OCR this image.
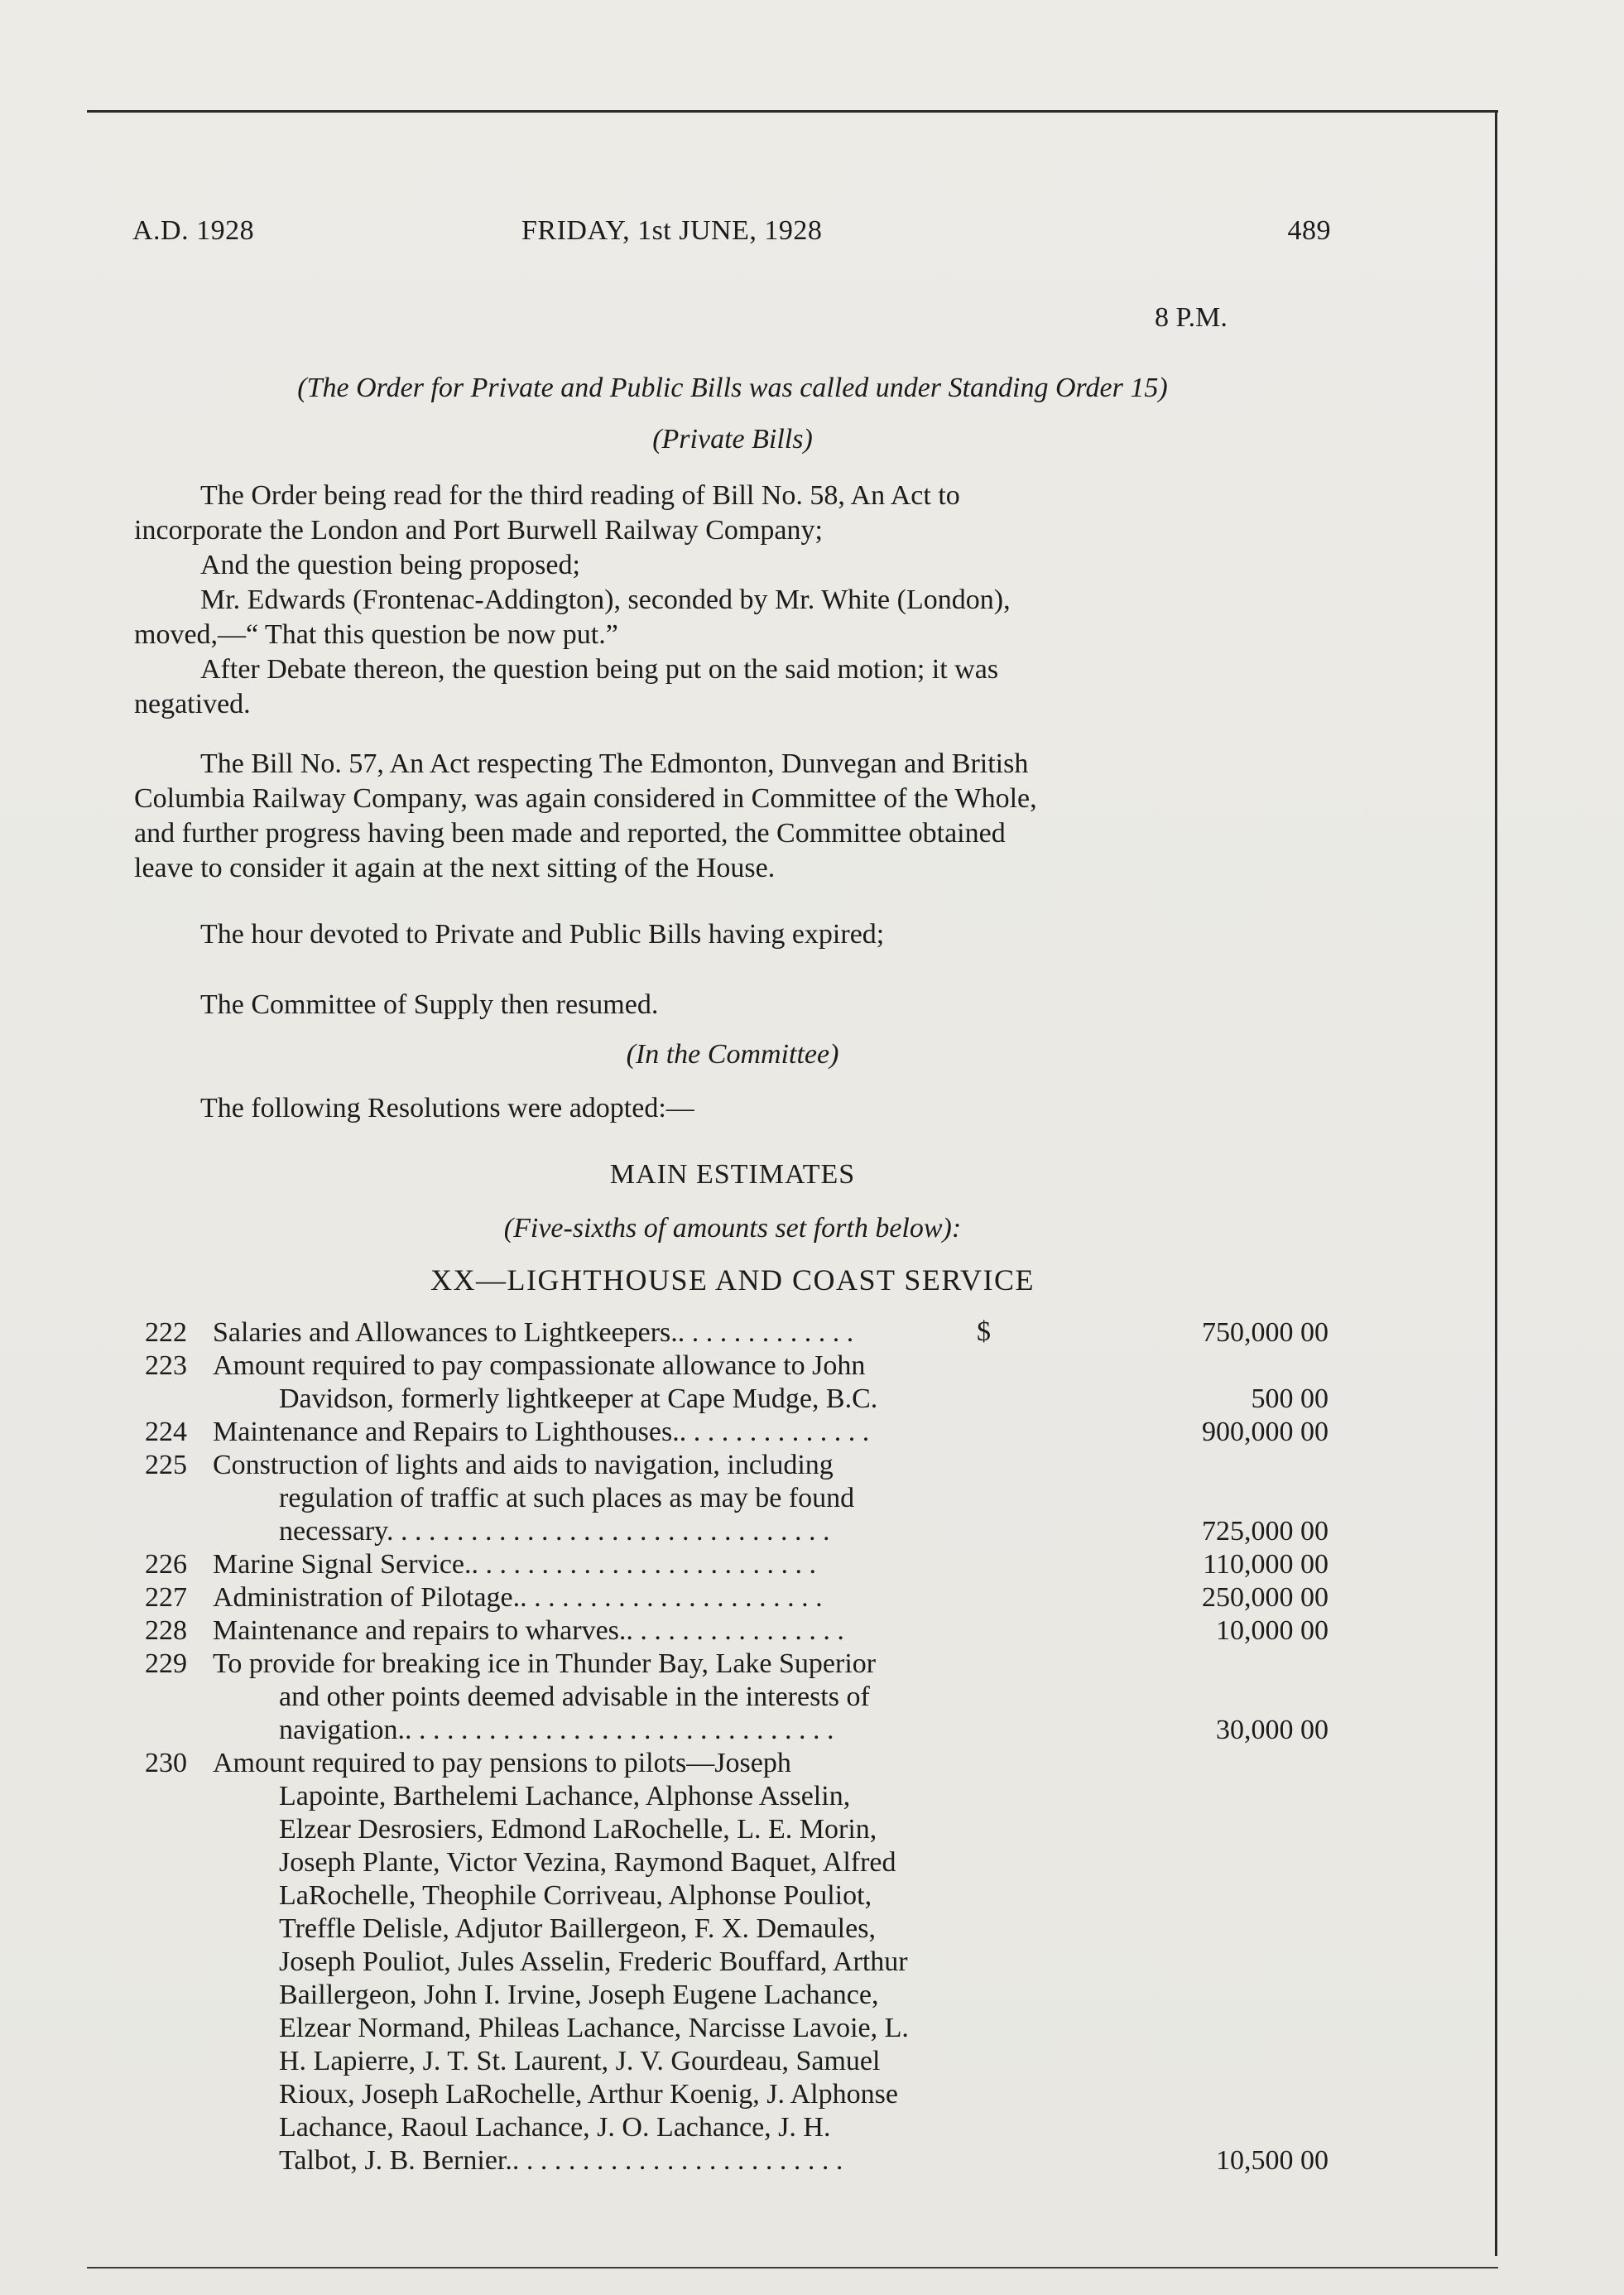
A.D. 1928	FRIDAY, 1st JUNE, 1928	489
8 P.M.
(The Order for Private and Public Bills was called under Standing Order 15)
(Private Bills)
The Order being read for the third reading of Bill No. 58, An Act to
incorporate the London and Port Burwell Railway Company;
And the question being proposed;
Mr. Edwards (Frontenac-Addington), seconded by Mr. White (London),
moved,—“ That this question be now put.”
After Debate thereon, the question being put on the said motion; it was
negatived.
The Bill No. 57, An Act respecting The Edmonton, Dunvegan and British
Columbia Railway Company, was again considered in Committee of the Whole,
and further progress having been made and reported, the Committee obtained
leave to consider it again at the next sitting of the House.
The hour devoted to Private and Public Bills having expired;
The Committee of Supply then resumed.
(In the Committee)
The following Resolutions were adopted:—
MAIN ESTIMATES
(Five-sixths of amounts set forth below):
XX—LIGHTHOUSE AND COAST SERVICE
$
222 Salaries and Allowances to Lightkeepers.. . . . . . . . . . . . .	750,000 00
223 Amount required to pay compassionate allowance to John
Davidson, formerly lightkeeper at Cape Mudge, B.C.	500 00
224 Maintenance and Repairs to Lighthouses.. . . . . . . . . . . . . .	900,000 00
225 Construction of lights and aids to navigation, including
regulation of traffic at such places as may be found
necessary. . . . . . . . . . . . . . . . . . . . . . . . . . . . . . . .	725,000 00
226 Marine Signal Service.. . . . . . . . . . . . . . . . . . . . . . . . .	110,000 00
227 Administration of Pilotage.. . . . . . . . . . . . . . . . . . . . . .	250,000 00
228 Maintenance and repairs to wharves.. . . . . . . . . . . . . . . .	10,000 00
229 To provide for breaking ice in Thunder Bay, Lake Superior
and other points deemed advisable in the interests of
navigation.. . . . . . . . . . . . . . . . . . . . . . . . . . . . . . .	30,000 00
230 Amount required to pay pensions to pilots—Joseph
Lapointe, Barthelemi Lachance, Alphonse Asselin,
Elzear Desrosiers, Edmond LaRochelle, L. E. Morin,
Joseph Plante, Victor Vezina, Raymond Baquet, Alfred
LaRochelle, Theophile Corriveau, Alphonse Pouliot,
Treffle Delisle, Adjutor Baillergeon, F. X. Demaules,
Joseph Pouliot, Jules Asselin, Frederic Bouffard, Arthur
Baillergeon, John I. Irvine, Joseph Eugene Lachance,
Elzear Normand, Phileas Lachance, Narcisse Lavoie, L.
H. Lapierre, J. T. St. Laurent, J. V. Gourdeau, Samuel
Rioux, Joseph LaRochelle, Arthur Koenig, J. Alphonse
Lachance, Raoul Lachance, J. O. Lachance, J. H.
Talbot, J. B. Bernier.. . . . . . . . . . . . . . . . . . . . . . . .	10,500 00
